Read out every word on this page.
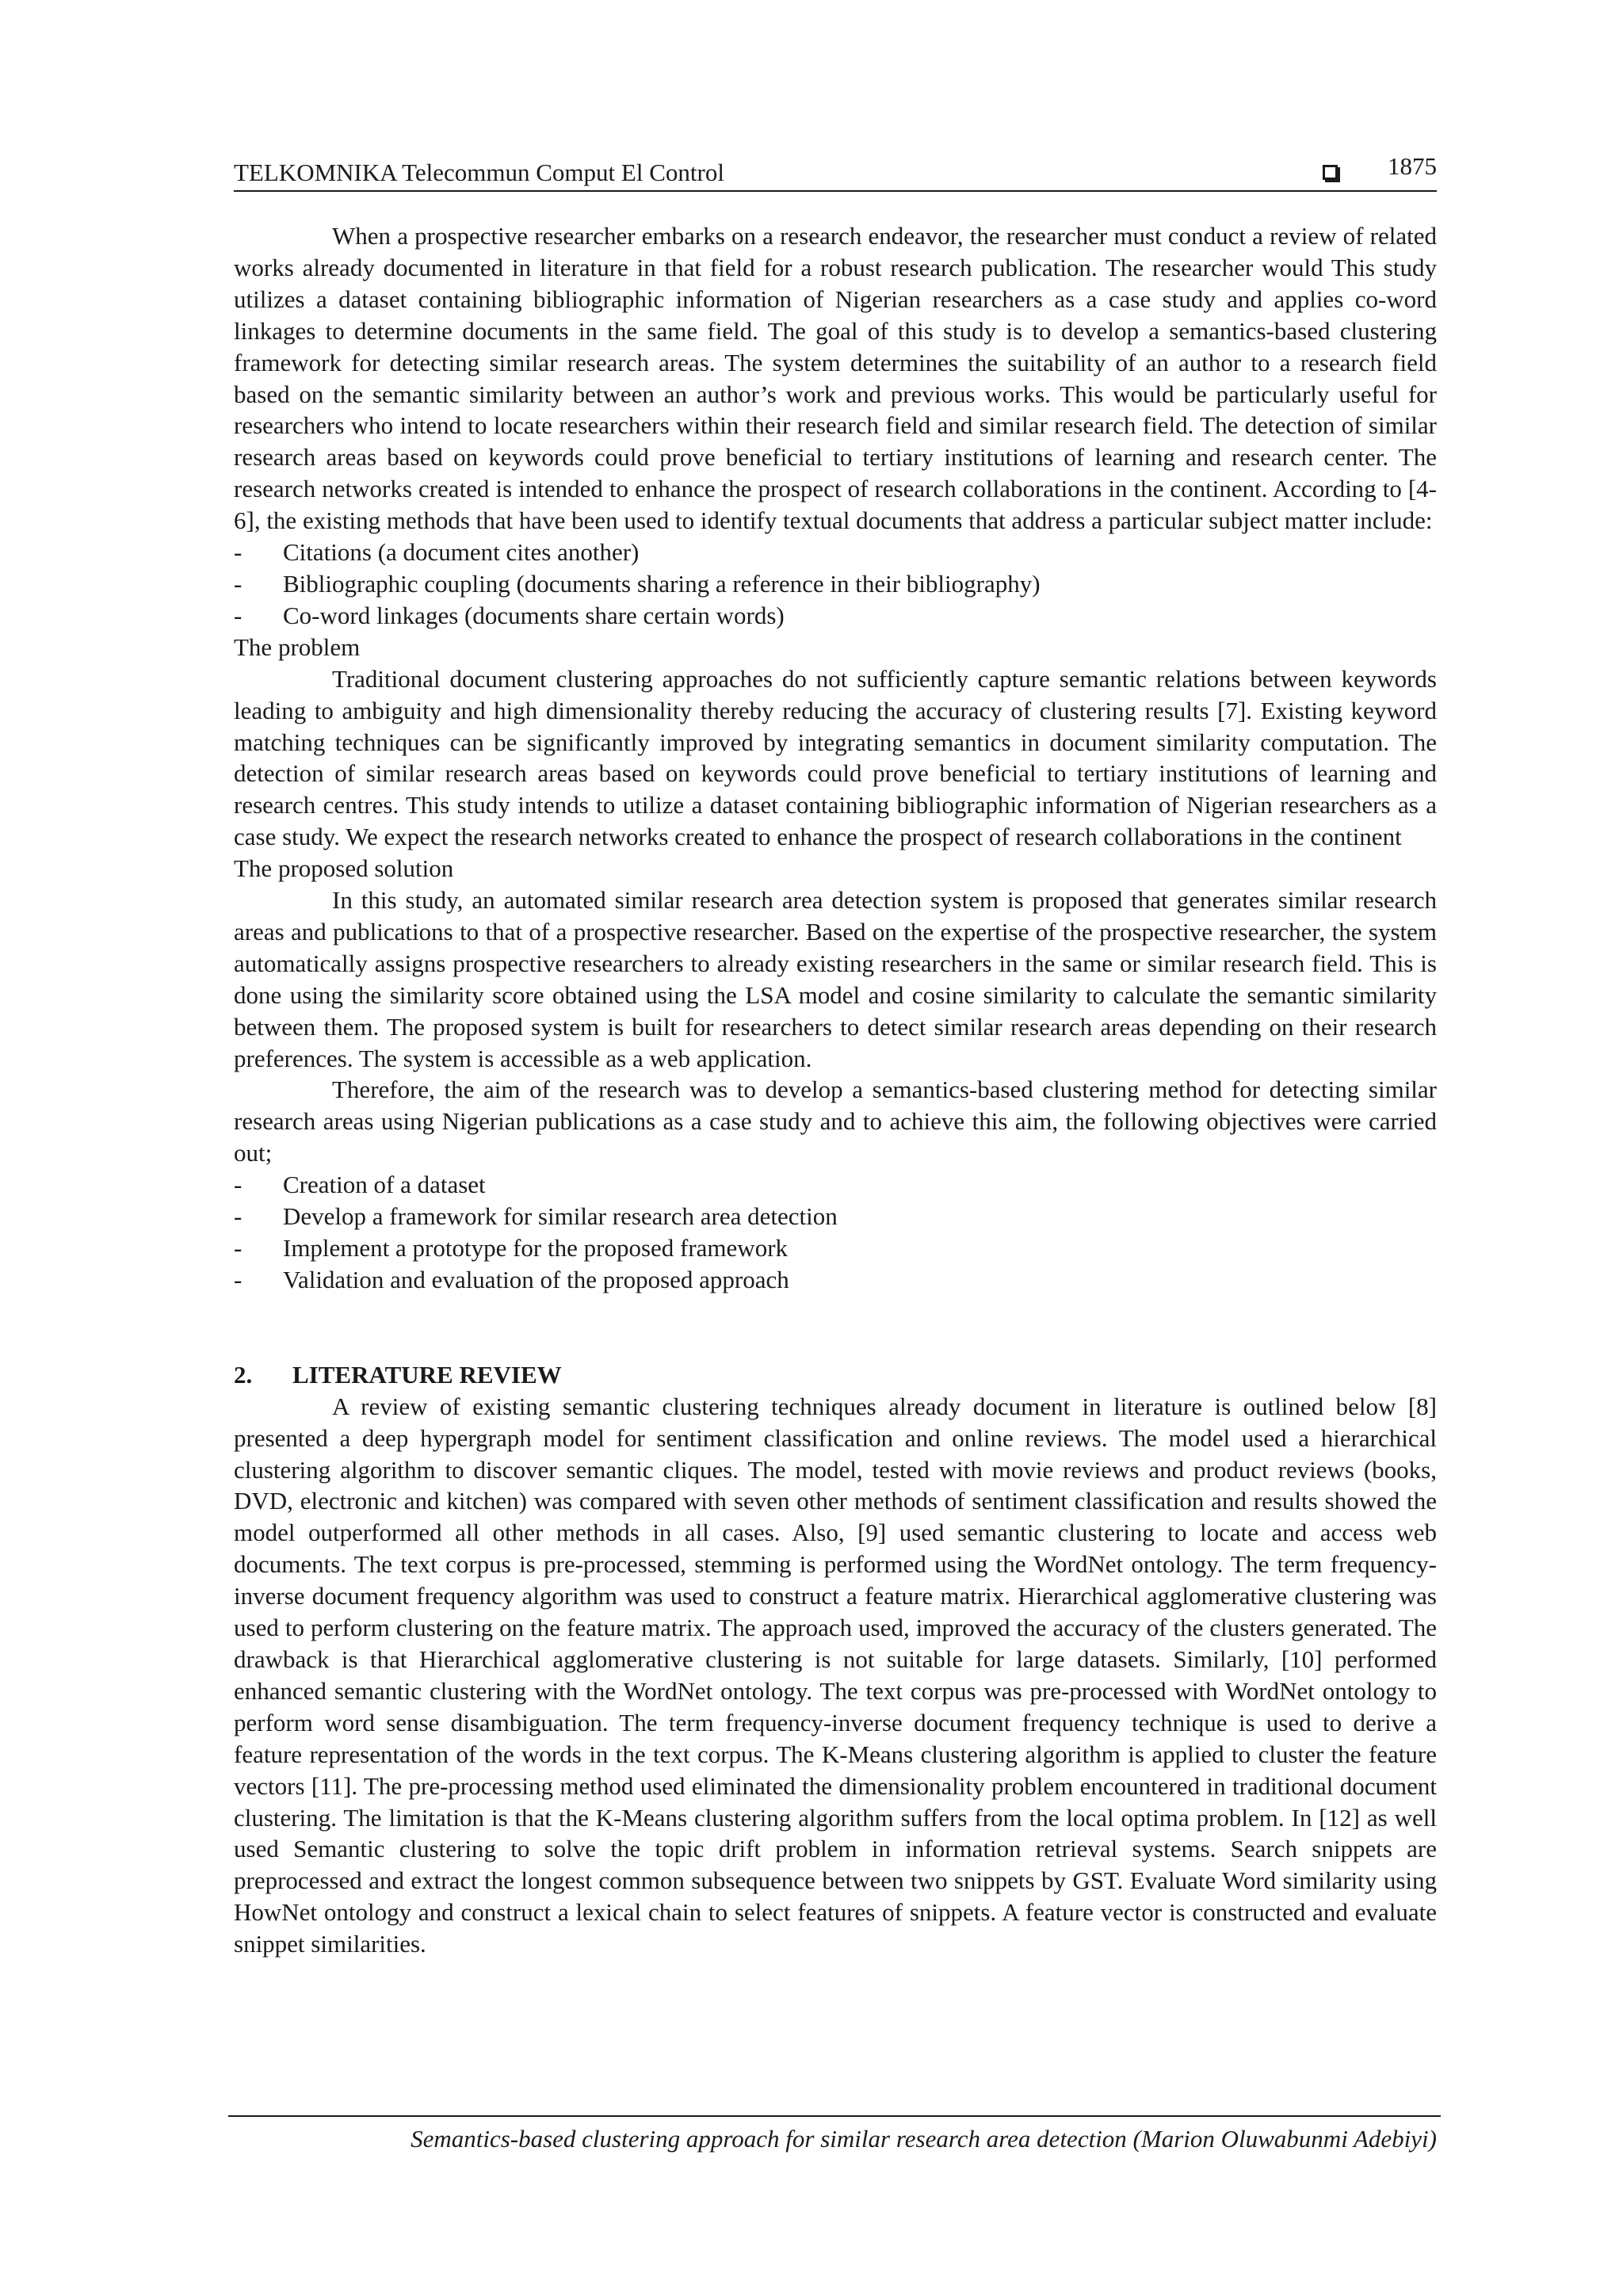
TELKOMNIKA Telecommun Comput El Control	1875

When a prospective researcher embarks on a research endeavor, the researcher must conduct a review of related works already documented in literature in that field for a robust research publication. The researcher would This study utilizes a dataset containing bibliographic information of Nigerian researchers as a case study and applies co-word linkages to determine documents in the same field. The goal of this study is to develop a semantics-based clustering framework for detecting similar research areas. The system determines the suitability of an author to a research field based on the semantic similarity between an author’s work and previous works. This would be particularly useful for researchers who intend to locate researchers within their research field and similar research field. The detection of similar research areas based on keywords could prove beneficial to tertiary institutions of learning and research center. The research networks created is intended to enhance the prospect of research collaborations in the continent. According to [4-6], the existing methods that have been used to identify textual documents that address a particular subject matter include:

- Citations (a document cites another)
- Bibliographic coupling (documents sharing a reference in their bibliography)
- Co-word linkages (documents share certain words)

The problem

Traditional document clustering approaches do not sufficiently capture semantic relations between keywords leading to ambiguity and high dimensionality thereby reducing the accuracy of clustering results [7]. Existing keyword matching techniques can be significantly improved by integrating semantics in document similarity computation. The detection of similar research areas based on keywords could prove beneficial to tertiary institutions of learning and research centres. This study intends to utilize a dataset containing bibliographic information of Nigerian researchers as a case study. We expect the research networks created to enhance the prospect of research collaborations in the continent

The proposed solution

In this study, an automated similar research area detection system is proposed that generates similar research areas and publications to that of a prospective researcher. Based on the expertise of the prospective researcher, the system automatically assigns prospective researchers to already existing researchers in the same or similar research field. This is done using the similarity score obtained using the LSA model and cosine similarity to calculate the semantic similarity between them. The proposed system is built for researchers to detect similar research areas depending on their research preferences. The system is accessible as a web application.

Therefore, the aim of the research was to develop a semantics-based clustering method for detecting similar research areas using Nigerian publications as a case study and to achieve this aim, the following objectives were carried out;

- Creation of a dataset
- Develop a framework for similar research area detection
- Implement a prototype for the proposed framework
- Validation and evaluation of the proposed approach
2. LITERATURE REVIEW

A review of existing semantic clustering techniques already document in literature is outlined below [8] presented a deep hypergraph model for sentiment classification and online reviews. The model used a hierarchical clustering algorithm to discover semantic cliques. The model, tested with movie reviews and product reviews (books, DVD, electronic and kitchen) was compared with seven other methods of sentiment classification and results showed the model outperformed all other methods in all cases. Also, [9] used semantic clustering to locate and access web documents. The text corpus is pre-processed, stemming is performed using the WordNet ontology. The term frequency-inverse document frequency algorithm was used to construct a feature matrix. Hierarchical agglomerative clustering was used to perform clustering on the feature matrix. The approach used, improved the accuracy of the clusters generated. The drawback is that Hierarchical agglomerative clustering is not suitable for large datasets. Similarly, [10] performed enhanced semantic clustering with the WordNet ontology. The text corpus was pre-processed with WordNet ontology to perform word sense disambiguation. The term frequency-inverse document frequency technique is used to derive a feature representation of the words in the text corpus. The K-Means clustering algorithm is applied to cluster the feature vectors [11]. The pre-processing method used eliminated the dimensionality problem encountered in traditional document clustering. The limitation is that the K-Means clustering algorithm suffers from the local optima problem. In [12] as well used Semantic clustering to solve the topic drift problem in information retrieval systems. Search snippets are preprocessed and extract the longest common subsequence between two snippets by GST. Evaluate Word similarity using HowNet ontology and construct a lexical chain to select features of snippets. A feature vector is constructed and evaluate snippet similarities.

Semantics-based clustering approach for similar research area detection (Marion Oluwabunmi Adebiyi)
